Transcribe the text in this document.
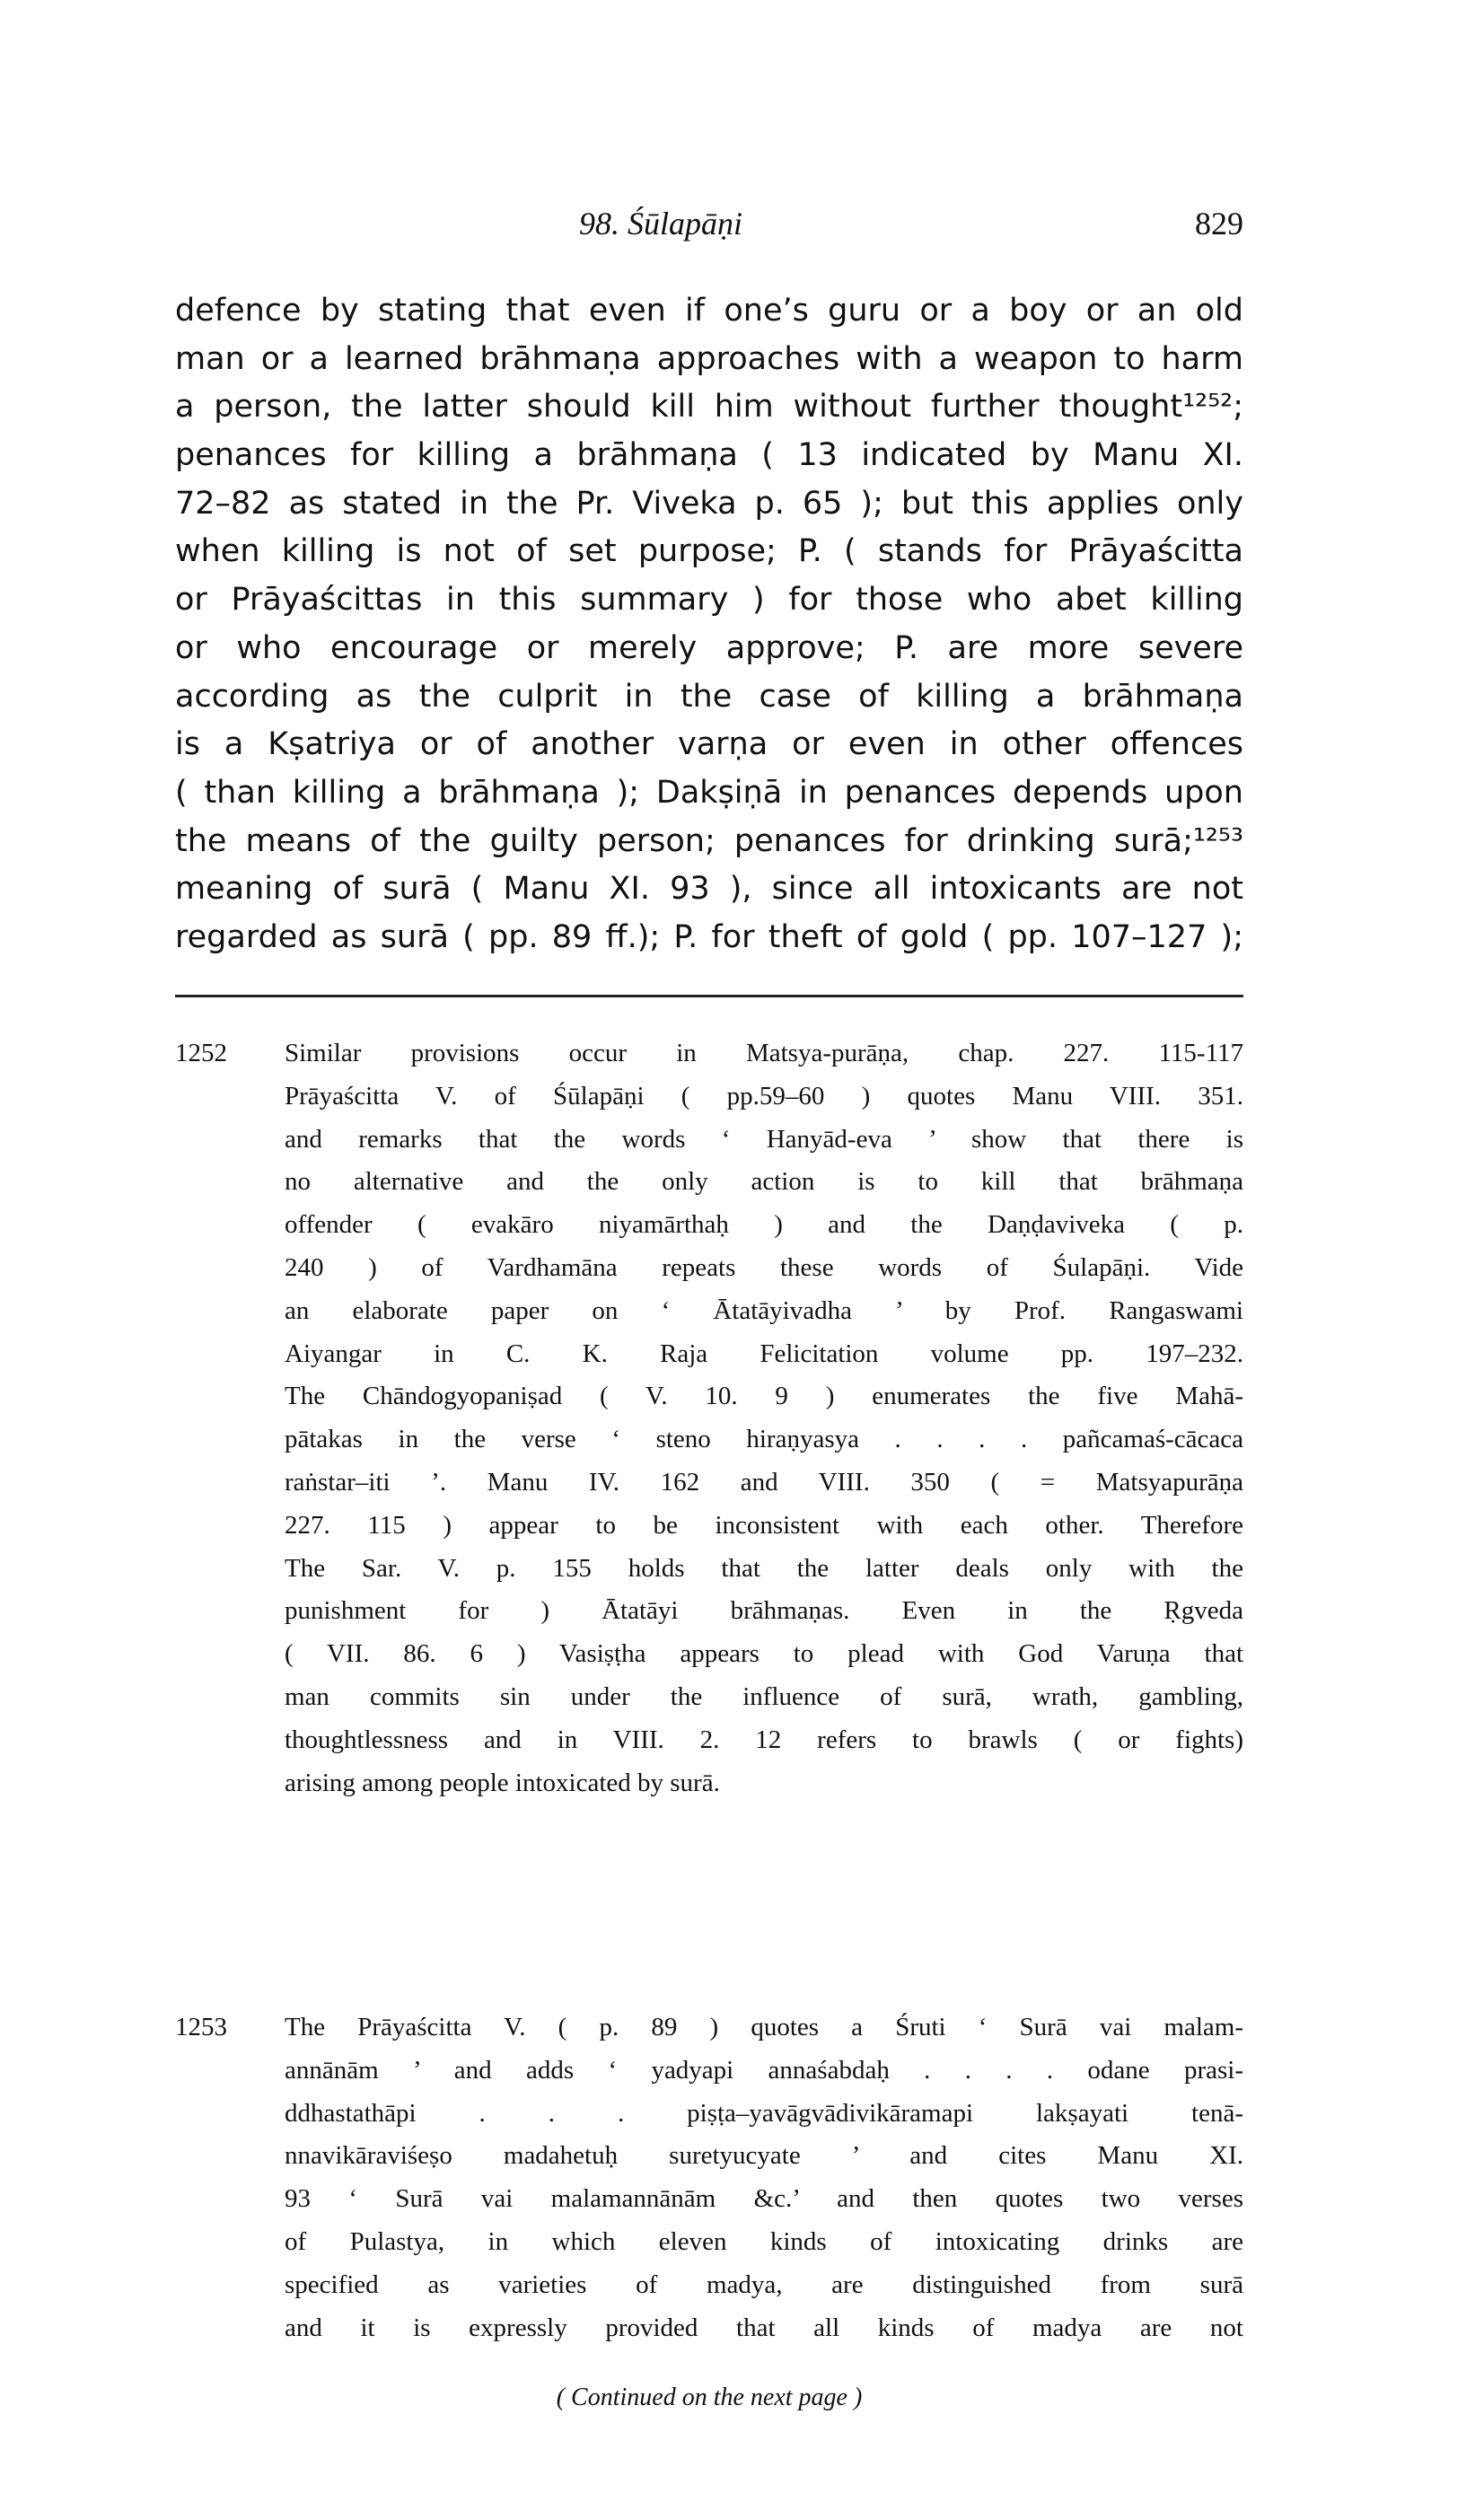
98. Śūlapāṇi	829
defence by stating that even if one’s guru or a boy or an old
man or a learned brāhmaṇa approaches with a weapon to harm
a person, the latter should kill him without further thought¹²⁵²;
penances for killing a brāhmaṇa ( 13 indicated by Manu XI.
72–82 as stated in the Pr. Viveka p. 65 ); but this applies only
when killing is not of set purpose; P. ( stands for Prāyaścitta
or Prāyaścittas in this summary ) for those who abet killing
or who encourage or merely approve; P. are more severe
according as the culprit in the case of killing a brāhmaṇa
is a Kṣatriya or of another varṇa or even in other offences
( than killing a brāhmaṇa ); Dakṣiṇā in penances depends upon
the means of the guilty person; penances for drinking surā;¹²⁵³
meaning of surā ( Manu XI. 93 ), since all intoxicants are not
regarded as surā ( pp. 89 ff.); P. for theft of gold ( pp. 107–127 );
1252 Similar provisions occur in Matsya-purāṇa, chap. 227. 115-117
Prāyaścitta V. of Śūlapāṇi ( pp.59–60 ) quotes Manu VIII. 351.
and remarks that the words ‘ Hanyād-eva ’ show that there is
no alternative and the only action is to kill that brāhmaṇa
offender ( evakāro niyamārthaḥ ) and the Daṇḍaviveka ( p.
240 ) of Vardhamāna repeats these words of Śulapāṇi. Vide
an elaborate paper on ‘ Ātatāyivadha ’ by Prof. Rangaswami
Aiyangar in C. K. Raja Felicitation volume pp. 197–232.
The Chāndogyopaniṣad ( V. 10. 9 ) enumerates the five Mahā-
pātakas in the verse ‘ steno hiraṇyasya . . . . pañcamaś-cācaca
raṅstar–iti ’. Manu IV. 162 and VIII. 350 ( = Matsyapurāṇa
227. 115 ) appear to be inconsistent with each other. Therefore
The Sar. V. p. 155 holds that the latter deals only with the
punishment for ) Ātatāyi brāhmaṇas. Even in the Ṛgveda
( VII. 86. 6 ) Vasiṣṭha appears to plead with God Varuṇa that
man commits sin under the influence of surā, wrath, gambling,
thoughtlessness and in VIII. 2. 12 refers to brawls ( or fights)
arising among people intoxicated by surā.
1253 The Prāyaścitta V. ( p. 89 ) quotes a Śruti ‘ Surā vai malam-
annānām ’ and adds ‘ yadyapi annaśabdaḥ . . . . odane prasi-
ddhastathāpi . . . piṣṭa–yavāgvādivikāramapi lakṣayati tenā-
nnavikāraviśeṣo madahetuḥ suretyucyate ’ and cites Manu XI.
93 ‘ Surā vai malamannānām &c.’ and then quotes two verses
of Pulastya, in which eleven kinds of intoxicating drinks are
specified as varieties of madya, are distinguished from surā
and it is expressly provided that all kinds of madya are not
( Continued on the next page )
